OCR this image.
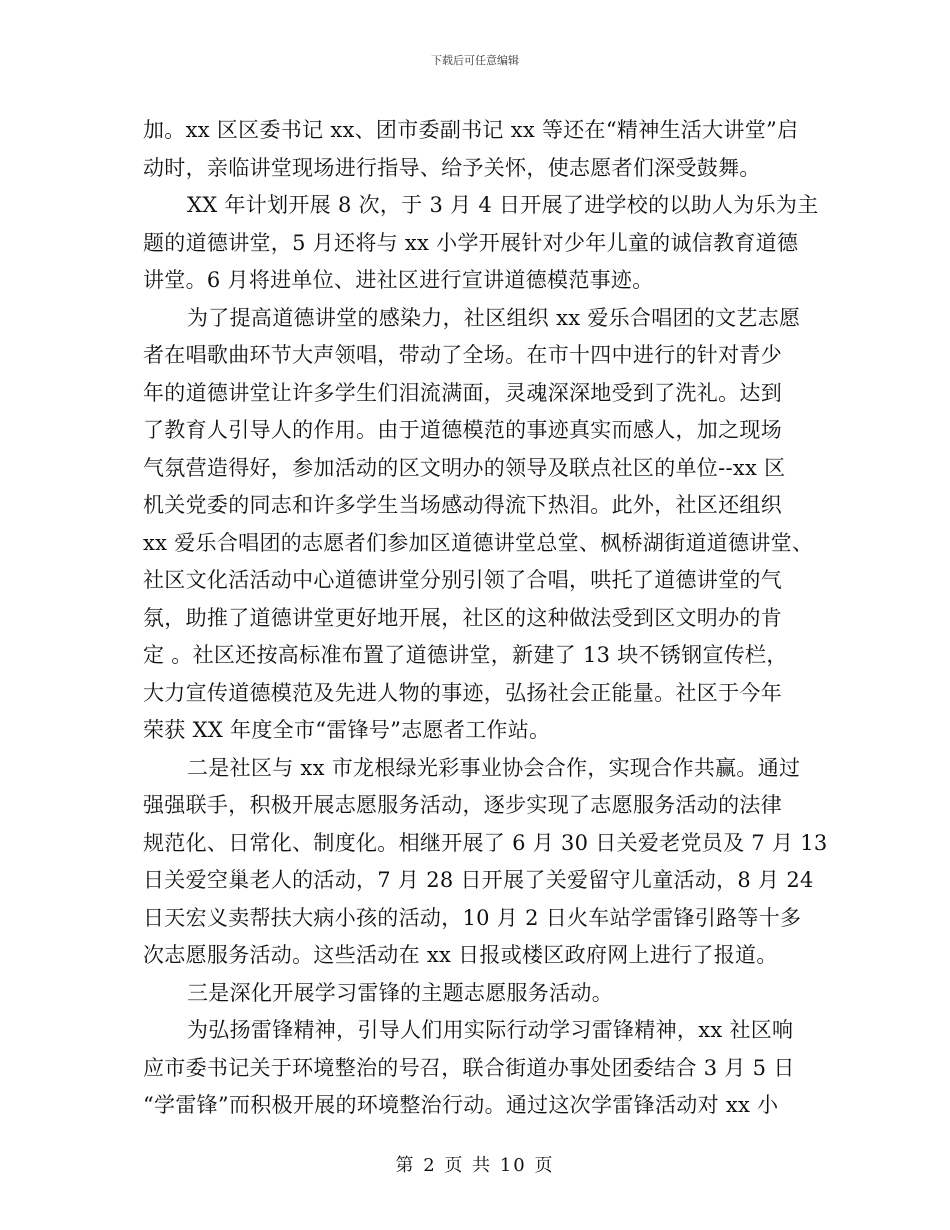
下载后可任意编辑
加。xx 区区委书记 xx、团市委副书记 xx 等还在“精神生活大讲堂”启
动时，亲临讲堂现场进行指导、给予关怀，使志愿者们深受鼓舞。
XX 年计划开展 8 次，于 3 月 4 日开展了进学校的以助人为乐为主
题的道德讲堂，5 月还将与 xx 小学开展针对少年儿童的诚信教育道德
讲堂。6 月将进单位、进社区进行宣讲道德模范事迹。
为了提高道德讲堂的感染力，社区组织 xx 爱乐合唱团的文艺志愿
者在唱歌曲环节大声领唱，带动了全场。在市十四中进行的针对青少
年的道德讲堂让许多学生们泪流满面，灵魂深深地受到了洗礼。达到
了教育人引导人的作用。由于道德模范的事迹真实而感人，加之现场
气氛营造得好，参加活动的区文明办的领导及联点社区的单位--xx 区
机关党委的同志和许多学生当场感动得流下热泪。此外，社区还组织
xx 爱乐合唱团的志愿者们参加区道德讲堂总堂、枫桥湖街道道德讲堂、
社区文化活活动中心道德讲堂分别引领了合唱，哄托了道德讲堂的气
氛，助推了道德讲堂更好地开展，社区的这种做法受到区文明办的肯
定 。社区还按高标准布置了道德讲堂，新建了 13 块不锈钢宣传栏，
大力宣传道德模范及先进人物的事迹，弘扬社会正能量。社区于今年
荣获 XX 年度全市“雷锋号”志愿者工作站。
二是社区与 xx 市龙根绿光彩事业协会合作，实现合作共赢。通过
强强联手，积极开展志愿服务活动，逐步实现了志愿服务活动的法律
规范化、日常化、制度化。相继开展了 6 月 30 日关爱老党员及 7 月 13
日关爱空巢老人的活动，7 月 28 日开展了关爱留守儿童活动，8 月 24
日天宏义卖帮扶大病小孩的活动，10 月 2 日火车站学雷锋引路等十多
次志愿服务活动。这些活动在 xx 日报或楼区政府网上进行了报道。
三是深化开展学习雷锋的主题志愿服务活动。
为弘扬雷锋精神，引导人们用实际行动学习雷锋精神，xx 社区响
应市委书记关于环境整治的号召，联合街道办事处团委结合 3 月 5 日
“学雷锋”而积极开展的环境整治行动。通过这次学雷锋活动对 xx 小
第 2 页 共 10 页
